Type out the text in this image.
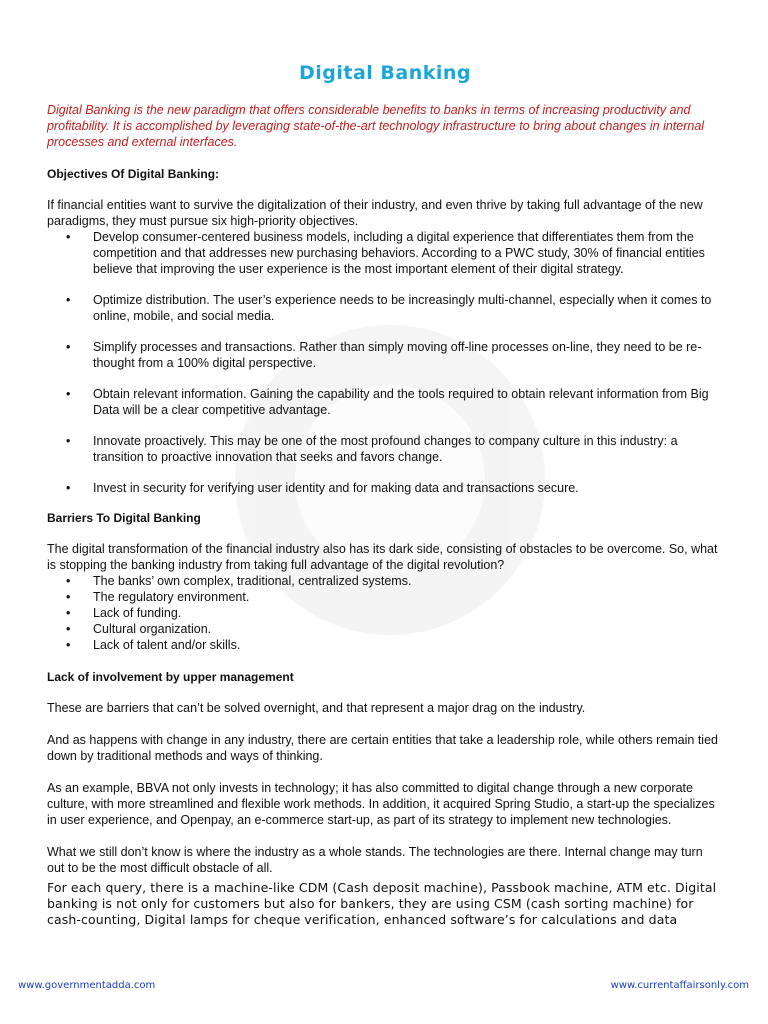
Digital Banking

Digital Banking is the new paradigm that offers considerable benefits to banks in terms of increasing productivity and profitability. It is accomplished by leveraging state-of-the-art technology infrastructure to bring about changes in internal processes and external interfaces.

Objectives Of Digital Banking:

If financial entities want to survive the digitalization of their industry, and even thrive by taking full advantage of the new paradigms, they must pursue six high-priority objectives.

• Develop consumer-centered business models, including a digital experience that differentiates them from the competition and that addresses new purchasing behaviors. According to a PWC study, 30% of financial entities believe that improving the user experience is the most important element of their digital strategy.
• Optimize distribution. The user’s experience needs to be increasingly multi-channel, especially when it comes to online, mobile, and social media.
• Simplify processes and transactions. Rather than simply moving off-line processes on-line, they need to be re-thought from a 100% digital perspective.
• Obtain relevant information. Gaining the capability and the tools required to obtain relevant information from Big Data will be a clear competitive advantage.
• Innovate proactively. This may be one of the most profound changes to company culture in this industry: a transition to proactive innovation that seeks and favors change.
• Invest in security for verifying user identity and for making data and transactions secure.
Barriers To Digital Banking

The digital transformation of the financial industry also has its dark side, consisting of obstacles to be overcome. So, what is stopping the banking industry from taking full advantage of the digital revolution?

• The banks’ own complex, traditional, centralized systems.
• The regulatory environment.
• Lack of funding.
• Cultural organization.
• Lack of talent and/or skills.
Lack of involvement by upper management

These are barriers that can’t be solved overnight, and that represent a major drag on the industry.

And as happens with change in any industry, there are certain entities that take a leadership role, while others remain tied down by traditional methods and ways of thinking.

As an example, BBVA not only invests in technology; it has also committed to digital change through a new corporate culture, with more streamlined and flexible work methods. In addition, it acquired Spring Studio, a start-up the specializes in user experience, and Openpay, an e-commerce start-up, as part of its strategy to implement new technologies.

What we still don’t know is where the industry as a whole stands. The technologies are there. Internal change may turn out to be the most difficult obstacle of all.

For each query, there is a machine-like CDM (Cash deposit machine), Passbook machine, ATM etc. Digital banking is not only for customers but also for bankers, they are using CSM (cash sorting machine) for cash-counting, Digital lamps for cheque verification, enhanced software’s for calculations and data

www.governmentadda.com	www.currentaffairsonly.com
